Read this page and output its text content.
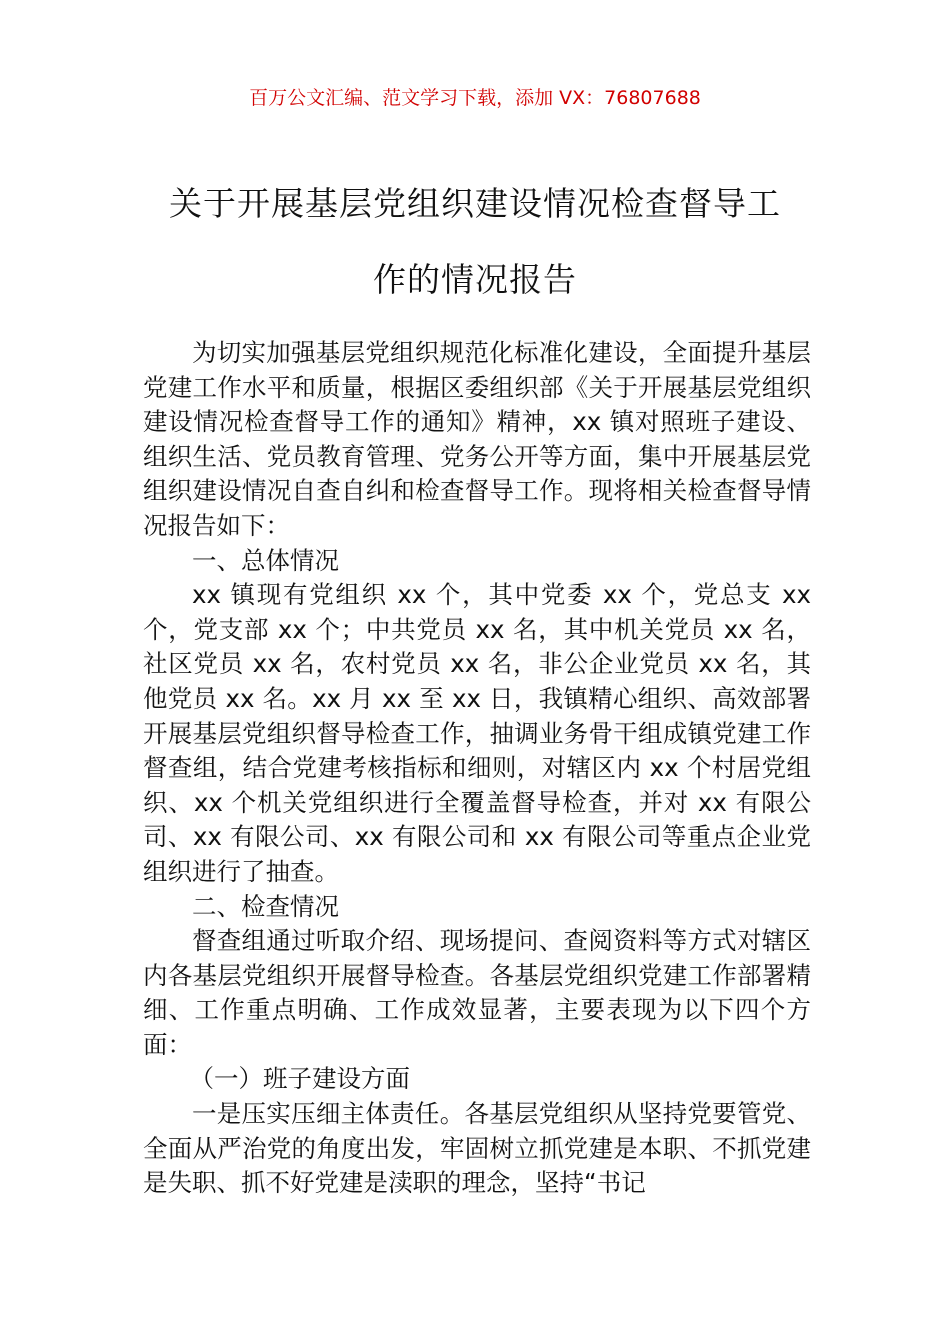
百万公文汇编、范文学习下载，添加 VX：76807688
关于开展基层党组织建设情况检查督导工
作的情况报告

为切实加强基层党组织规范化标准化建设，全面提升基层党建工作水平和质量，根据区委组织部《关于开展基层党组织建设情况检查督导工作的通知》精神，xx 镇对照班子建设、组织生活、党员教育管理、党务公开等方面，集中开展基层党组织建设情况自查自纠和检查督导工作。现将相关检查督导情况报告如下：

一、总体情况

xx 镇现有党组织 xx 个，其中党委 xx 个，党总支 xx 个，党支部 xx 个；中共党员 xx 名，其中机关党员 xx 名，社区党员 xx 名，农村党员 xx 名，非公企业党员 xx 名，其他党员 xx 名。xx 月 xx 至 xx 日，我镇精心组织、高效部署开展基层党组织督导检查工作，抽调业务骨干组成镇党建工作督查组，结合党建考核指标和细则，对辖区内 xx 个村居党组织、xx 个机关党组织进行全覆盖督导检查，并对 xx 有限公司、xx 有限公司、xx 有限公司和 xx 有限公司等重点企业党组织进行了抽查。

二、检查情况

督查组通过听取介绍、现场提问、查阅资料等方式对辖区内各基层党组织开展督导检查。各基层党组织党建工作部署精细、工作重点明确、工作成效显著，主要表现为以下四个方面：

（一）班子建设方面

一是压实压细主体责任。各基层党组织从坚持党要管党、全面从严治党的角度出发，牢固树立抓党建是本职、不抓党建是失职、抓不好党建是渎职的理念，坚持“书记
